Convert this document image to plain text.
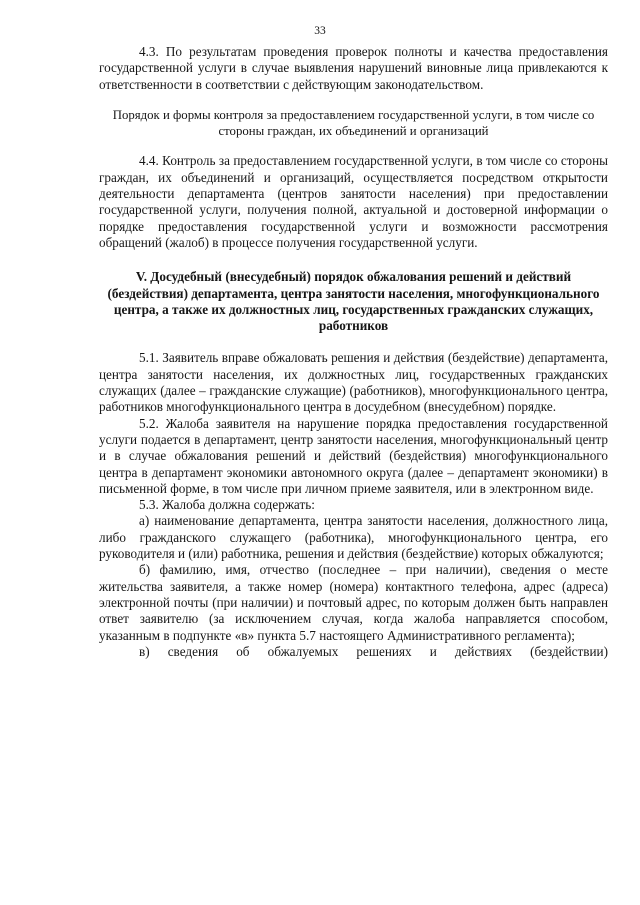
33

4.3. По результатам проведения проверок полноты и качества предоставления государственной услуги в случае выявления нарушений виновные лица привлекаются к ответственности в соответствии с действующим законодательством.

Порядок и формы контроля за предоставлением государственной услуги, в том числе со стороны граждан, их объединений и организаций

4.4. Контроль за предоставлением государственной услуги, в том числе со стороны граждан, их объединений и организаций, осуществляется посредством открытости деятельности департамента (центров занятости населения) при предоставлении государственной услуги, получения полной, актуальной и достоверной информации о порядке предоставления государственной услуги и возможности рассмотрения обращений (жалоб) в процессе получения государственной услуги.

V. Досудебный (внесудебный) порядок обжалования решений и действий (бездействия) департамента, центра занятости населения, многофункционального центра, а также их должностных лиц, государственных гражданских служащих, работников

5.1. Заявитель вправе обжаловать решения и действия (бездействие) департамента, центра занятости населения, их должностных лиц, государственных гражданских служащих (далее – гражданские служащие) (работников), многофункционального центра, работников многофункционального центра в досудебном (внесудебном) порядке.

5.2. Жалоба заявителя на нарушение порядка предоставления государственной услуги подается в департамент, центр занятости населения, многофункциональный центр и в случае обжалования решений и действий (бездействия) многофункционального центра в департамент экономики автономного округа (далее – департамент экономики) в письменной форме, в том числе при личном приеме заявителя, или в электронном виде.

5.3. Жалоба должна содержать:

а) наименование департамента, центра занятости населения, должностного лица, либо гражданского служащего (работника), многофункционального центра, его руководителя и (или) работника, решения и действия (бездействие) которых обжалуются;

б) фамилию, имя, отчество (последнее – при наличии), сведения о месте жительства заявителя, а также номер (номера) контактного телефона, адрес (адреса) электронной почты (при наличии) и почтовый адрес, по которым должен быть направлен ответ заявителю (за исключением случая, когда жалоба направляется способом, указанным в подпункте «в» пункта 5.7 настоящего Административного регламента);

в) сведения об обжалуемых решениях и действиях (бездействии)
